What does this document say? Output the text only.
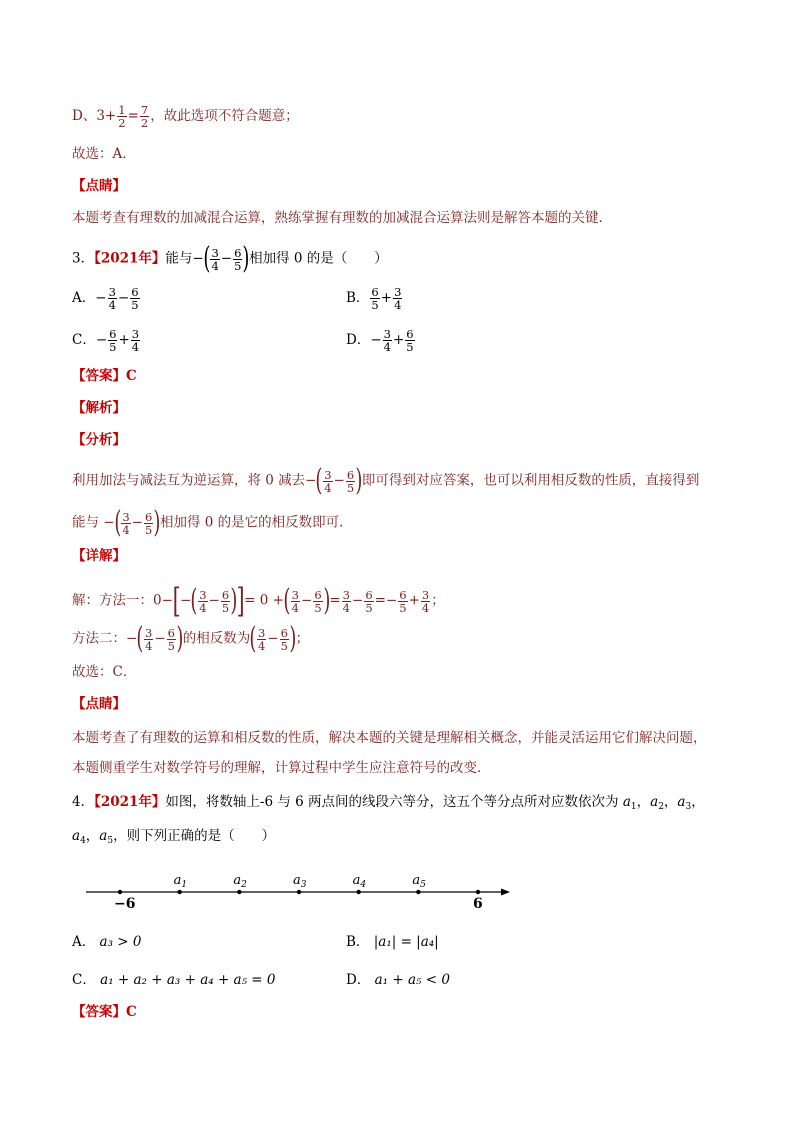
D、$3+ \frac{1}{2} = \frac{7}{2}$ ，故此选项不符合题意；
故选：A．
【点睛】
本题考查有理数的加减混合运算，熟练掌握有理数的加减混合运算法则是解答本题的关键．
3．【2021年】能与−( $\frac{3}{4} - \frac{6}{5}$ )相加得 0 的是（　　）
A．− $\frac{3}{4} - \frac{6}{5}$	B． $\frac{6}{5} + \frac{3}{4}$
C．− $\frac{6}{5} + \frac{3}{4}$	D．− $\frac{3}{4} + \frac{6}{5}$
【答案】C
【解析】
【分析】
利用加法与减法互为逆运算，将 0 减去−( $\frac{3}{4} - \frac{6}{5}$ )即可得到对应答案，也可以利用相反数的性质，直接得到
能与 −( $\frac{3}{4} - \frac{6}{5}$ )相加得 0 的是它的相反数即可．
【详解】
解：方法一：$0-[-( \frac{3}{4} - \frac{6}{5}$ )]= 0 +( $\frac{3}{4} - \frac{6}{5}$ )= $\frac{3}{4} - \frac{6}{5} =- \frac{6}{5} + \frac{3}{4}$ ；
方法二：−( $\frac{3}{4} - \frac{6}{5}$ )的相反数为( $\frac{3}{4} - \frac{6}{5}$ )；
故选：C．
【点睛】
本题考查了有理数的运算和相反数的性质，解决本题的关键是理解相关概念，并能灵活运用它们解决问题，
本题侧重学生对数学符号的理解，计算过程中学生应注意符号的改变．
4．【2021年】如图，将数轴上-6 与 6 两点间的线段六等分，这五个等分点所对应数依次为 $a_1$，$a_2$，$a_3$，
$a_4$，$a_5$，则下列正确的是（　　）
$a_1$	$a_2$	$a_3$	$a_4$	$a_5$
−6	6
A． a₃ > 0	B． |a₁| = |a₄|
C． a₁ + a₂ + a₃ + a₄ + a₅ = 0	D． a₁ + a₅ < 0
【答案】C
